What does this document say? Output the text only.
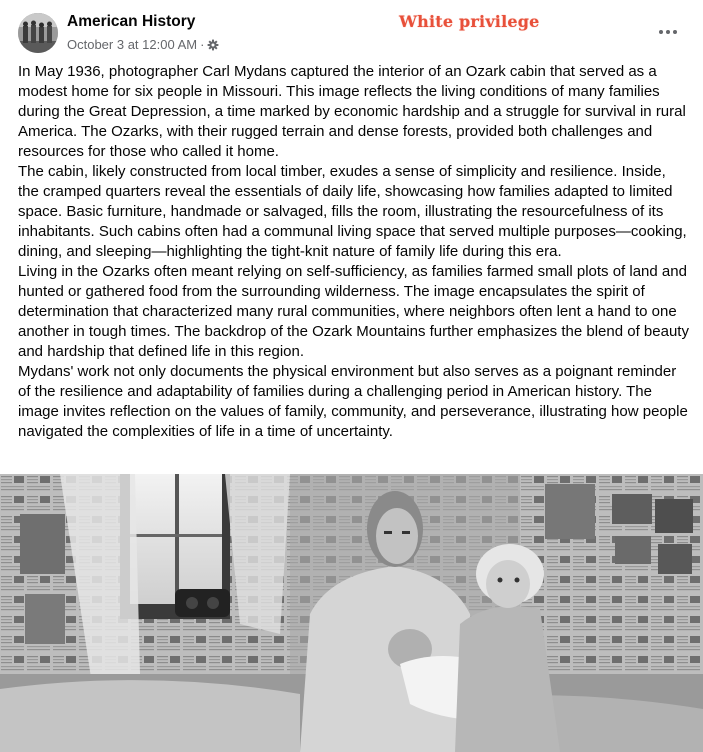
American History
October 3 at 12:00 AM ·
White privilege

In May 1936, photographer Carl Mydans captured the interior of an Ozark cabin that served as a modest home for six people in Missouri. This image reflects the living conditions of many families during the Great Depression, a time marked by economic hardship and a struggle for survival in rural America. The Ozarks, with their rugged terrain and dense forests, provided both challenges and resources for those who called it home.

The cabin, likely constructed from local timber, exudes a sense of simplicity and resilience. Inside, the cramped quarters reveal the essentials of daily life, showcasing how families adapted to limited space. Basic furniture, handmade or salvaged, fills the room, illustrating the resourcefulness of its inhabitants. Such cabins often had a communal living space that served multiple purposes—cooking, dining, and sleeping—highlighting the tight-knit nature of family life during this era.

Living in the Ozarks often meant relying on self-sufficiency, as families farmed small plots of land and hunted or gathered food from the surrounding wilderness. The image encapsulates the spirit of determination that characterized many rural communities, where neighbors often lent a hand to one another in tough times. The backdrop of the Ozark Mountains further emphasizes the blend of beauty and hardship that defined life in this region.

Mydans' work not only documents the physical environment but also serves as a poignant reminder of the resilience and adaptability of families during a challenging period in American history. The image invites reflection on the values of family, community, and perseverance, illustrating how people navigated the complexities of life in a time of uncertainty.
